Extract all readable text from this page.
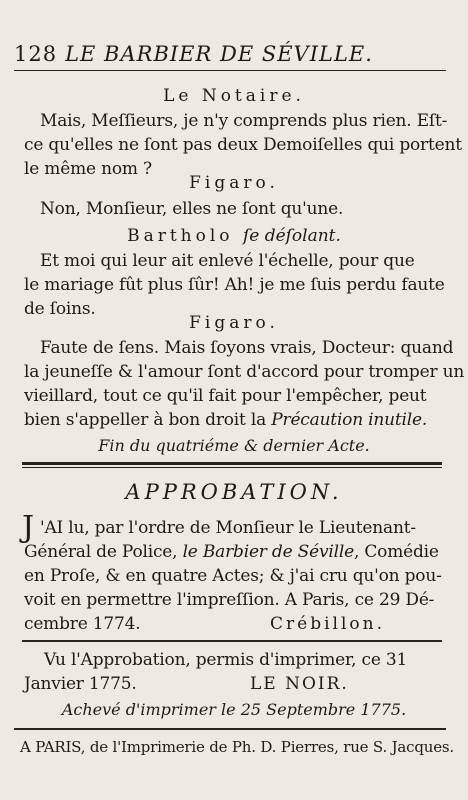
128 LE BARBIER DE SÉVILLE.
Le Notaire.
Mais, Meſſieurs, je n'y comprends plus rien. Eſt-
ce qu'elles ne ſont pas deux Demoiſelles qui portent
le même nom ?
Figaro.
Non, Monſieur, elles ne ſont qu'une.
Bartholo ſe déſolant.
Et moi qui leur ait enlevé l'échelle, pour que
le mariage fût plus ſûr! Ah! je me ſuis perdu faute
de ſoins.
Figaro.
Faute de ſens. Mais ſoyons vrais, Docteur: quand
la jeuneſſe & l'amour ſont d'accord pour tromper un
vieillard, tout ce qu'il fait pour l'empêcher, peut
bien s'appeller à bon droit la Précaution inutile.
Fin du quatriéme & dernier Acte.
APPROBATION.
J 'AI lu, par l'ordre de Monſieur le Lieutenant-
Général de Police, le Barbier de Séville, Comédie
en Proſe, & en quatre Actes; & j'ai cru qu'on pou-
voit en permettre l'impreſſion. A Paris, ce 29 Dé-
cembre 1774.	Crébillon.
Vu l'Approbation, permis d'imprimer, ce 31
Janvier 1775.	LE NOIR.
Achevé d'imprimer le 25 Septembre 1775.
A PARIS, de l'Imprimerie de Ph. D. Pierres, rue S. Jacques.
